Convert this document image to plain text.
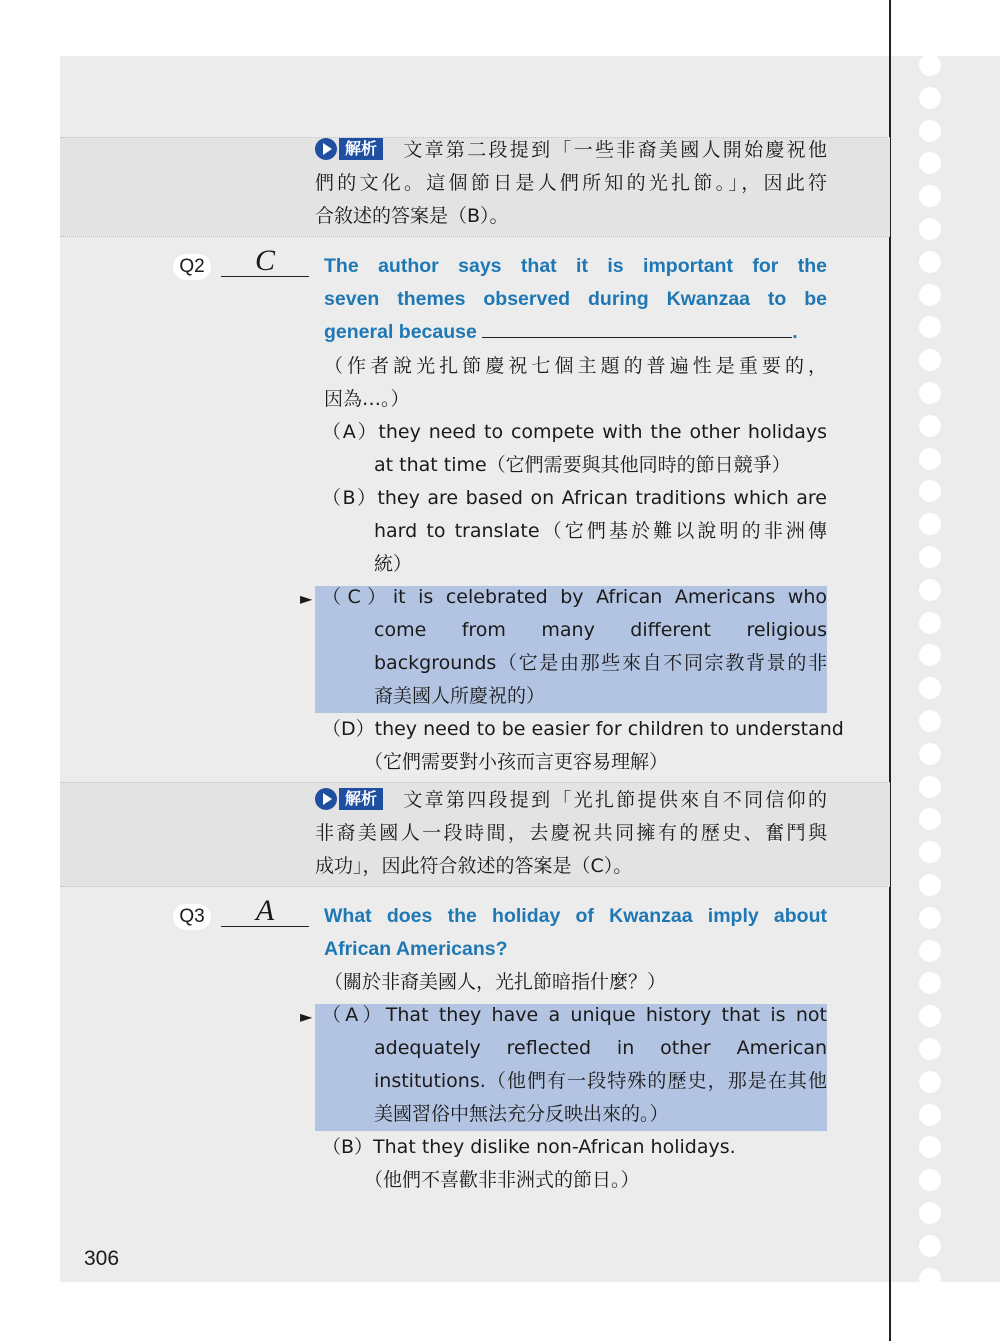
解析 文章第二段提到「一些非裔美國人開始慶祝他
們的文化。這個節日是人們所知的光扎節。」，因此符
合敘述的答案是（B）。
Q2	C	The author says that it is important for the
seven themes observed during Kwanzaa to be
general because	.
（作者說光扎節慶祝七個主題的普遍性是重要的，
因為…。）
（A）they need to compete with the other holidays
at that time（它們需要與其他同時的節日競爭）
（B）they are based on African traditions which are
hard to translate（它們基於難以說明的非洲傳
統）
► （C）it is celebrated by African Americans who
come from many different religious
backgrounds（它是由那些來自不同宗教背景的非
裔美國人所慶祝的）
（D）they need to be easier for children to understand
（它們需要對小孩而言更容易理解）
解析 文章第四段提到「光扎節提供來自不同信仰的
非裔美國人一段時間，去慶祝共同擁有的歷史、奮鬥與
成功」，因此符合敘述的答案是（C）。
Q3	A	What does the holiday of Kwanzaa imply about
African Americans?
（關於非裔美國人，光扎節暗指什麼？）
► （A）That they have a unique history that is not
adequately reflected in other American
institutions.（他們有一段特殊的歷史，那是在其他
美國習俗中無法充分反映出來的。）
（B）That they dislike non-African holidays.
（他們不喜歡非非洲式的節日。）
306
